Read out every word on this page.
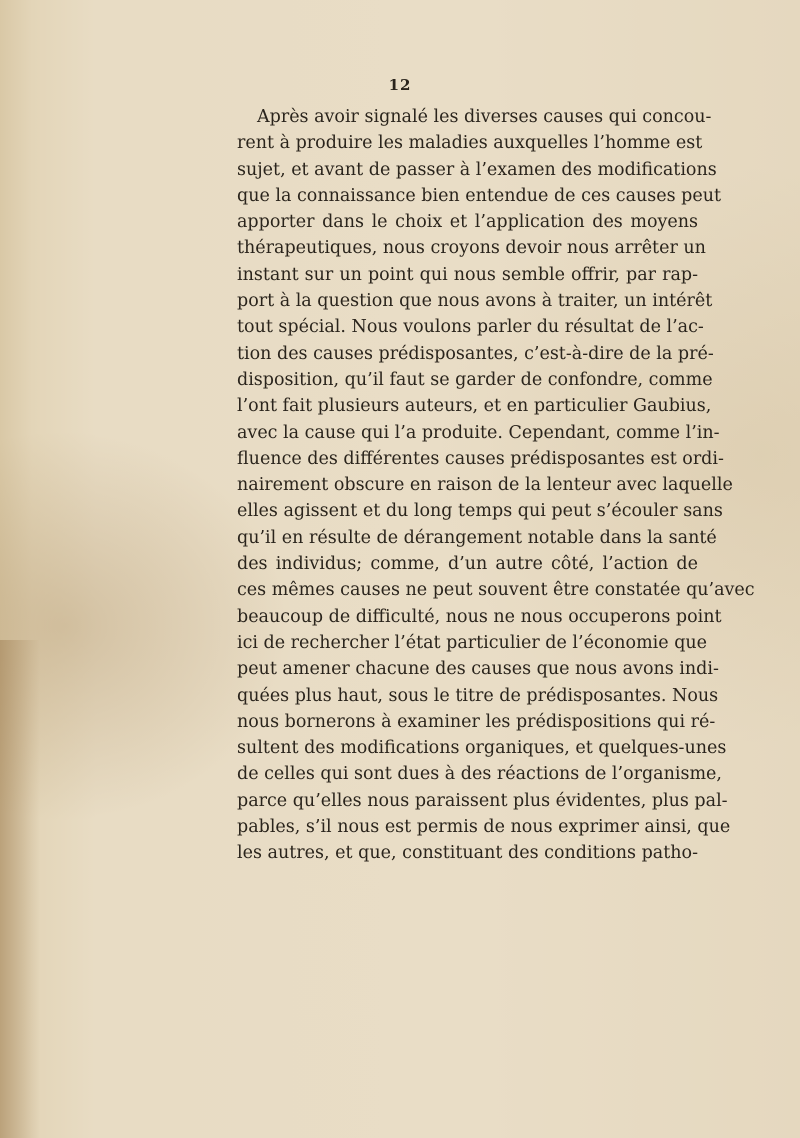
12
Après avoir signalé les diverses causes qui concou-
rent à produire les maladies auxquelles l’homme est
sujet, et avant de passer à l’examen des modifications
que la connaissance bien entendue de ces causes peut
apporter dans le choix et l’application des moyens
thérapeutiques, nous croyons devoir nous arrêter un
instant sur un point qui nous semble offrir, par rap-
port à la question que nous avons à traiter, un intérêt
tout spécial. Nous voulons parler du résultat de l’ac-
tion des causes prédisposantes, c’est-à-dire de la pré-
disposition, qu’il faut se garder de confondre, comme
l’ont fait plusieurs auteurs, et en particulier Gaubius,
avec la cause qui l’a produite. Cependant, comme l’in-
fluence des différentes causes prédisposantes est ordi-
nairement obscure en raison de la lenteur avec laquelle
elles agissent et du long temps qui peut s’écouler sans
qu’il en résulte de dérangement notable dans la santé
des individus; comme, d’un autre côté, l’action de
ces mêmes causes ne peut souvent être constatée qu’avec
beaucoup de difficulté, nous ne nous occuperons point
ici de rechercher l’état particulier de l’économie que
peut amener chacune des causes que nous avons indi-
quées plus haut, sous le titre de prédisposantes. Nous
nous bornerons à examiner les prédispositions qui ré-
sultent des modifications organiques, et quelques-unes
de celles qui sont dues à des réactions de l’organisme,
parce qu’elles nous paraissent plus évidentes, plus pal-
pables, s’il nous est permis de nous exprimer ainsi, que
les autres, et que, constituant des conditions patho-
